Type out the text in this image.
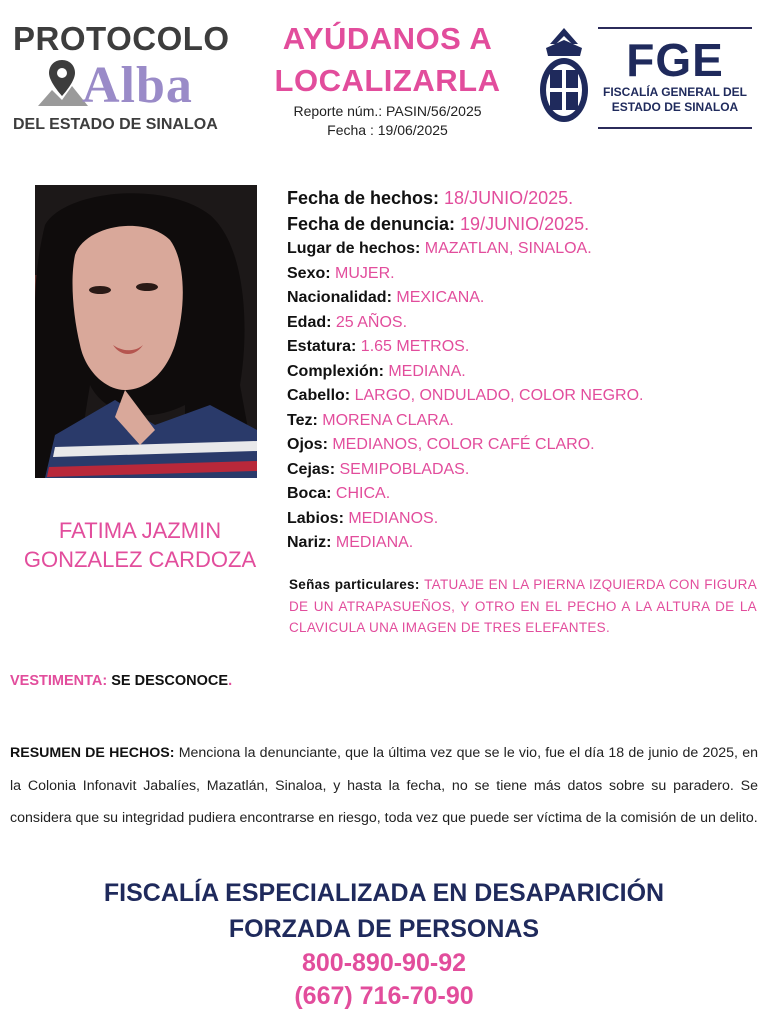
PROTOCOLO
Alba
DEL ESTADO DE SINALOA
AYÚDANOS A
LOCALIZARLA
Reporte núm.: PASIN/56/2025
Fecha : 19/06/2025
FGE
FISCALÍA GENERAL DEL
ESTADO DE SINALOA
FATIMA JAZMIN
GONZALEZ CARDOZA
Fecha de hechos: 18/JUNIO/2025.
Fecha de denuncia: 19/JUNIO/2025.
Lugar de hechos: MAZATLAN, SINALOA.
Sexo: MUJER.
Nacionalidad: MEXICANA.
Edad: 25 AÑOS.
Estatura: 1.65 METROS.
Complexión: MEDIANA.
Cabello: LARGO, ONDULADO, COLOR NEGRO.
Tez: MORENA CLARA.
Ojos: MEDIANOS, COLOR CAFÉ CLARO.
Cejas: SEMIPOBLADAS.
Boca: CHICA.
Labios: MEDIANOS.
Nariz: MEDIANA.
Señas particulares: TATUAJE EN LA PIERNA IZQUIERDA CON FIGURA DE UN ATRAPASUEÑOS, Y OTRO EN EL PECHO A LA ALTURA DE LA CLAVICULA UNA IMAGEN DE TRES ELEFANTES.
VESTIMENTA: SE DESCONOCE.
RESUMEN DE HECHOS: Menciona la denunciante, que la última vez que se le vio, fue el día 18 de junio de 2025, en la Colonia Infonavit Jabalíes, Mazatlán, Sinaloa, y hasta la fecha, no se tiene más datos sobre su paradero. Se considera que su integridad pudiera encontrarse en riesgo, toda vez que puede ser víctima de la comisión de un delito.
FISCALÍA ESPECIALIZADA EN DESAPARICIÓN
FORZADA DE PERSONAS
800-890-90-92
(667) 716-70-90
